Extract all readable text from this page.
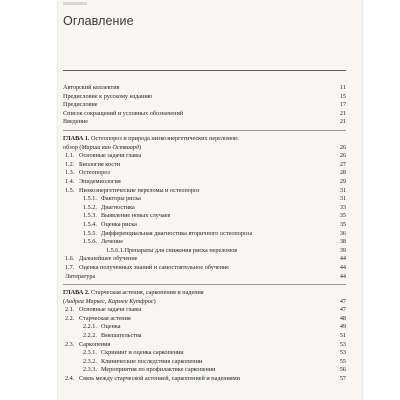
Оглавление
Авторский коллектив	11
Предисловие к русскому изданию	15
Предисловие	17
Список сокращений и условных обозначений	21
Введение	21
ГЛАВА 1. Остеопороз и природа низкоэнергетических переломов:
обзор (Марша ван Остваард)	26
1.1. Основные задачи главы	26
1.2. Биология кости	27
1.3. Остеопороз	28
1.4. Эпидемиология	29
1.5. Низкоэнергетические переломы и остеопороз	31
1.5.1. Факторы риска	31
1.5.2. Диагностика	33
1.5.3. Выявление новых случаев	35
1.5.4. Оценка риска	35
1.5.5. Дифференциальная диагностика вторичного остеопороза	36
1.5.6. Лечение	38
1.5.6.1.Препараты для снижения риска переломов	39
1.6. Дальнейшее обучение	44
1.7. Оценка полученных знаний и самостоятельное обучение	44
Литература	44
ГЛАВА 2. Старческая астения, саркопения и падения
(Андреа Маркес, Кармен Кутфрос)	47
2.1. Основные задачи главы	47
2.2. Старческая астения	48
2.2.1. Оценка	49
2.2.2. Вмешательства	51
2.3. Саркопения	53
2.3.1. Скрининг и оценка саркопении	53
2.3.2. Клинические последствия саркопении	55
2.3.3. Мероприятия по профилактике саркопении	56
2.4. Связь между старческой астенией, саркопенией и падениями	57
